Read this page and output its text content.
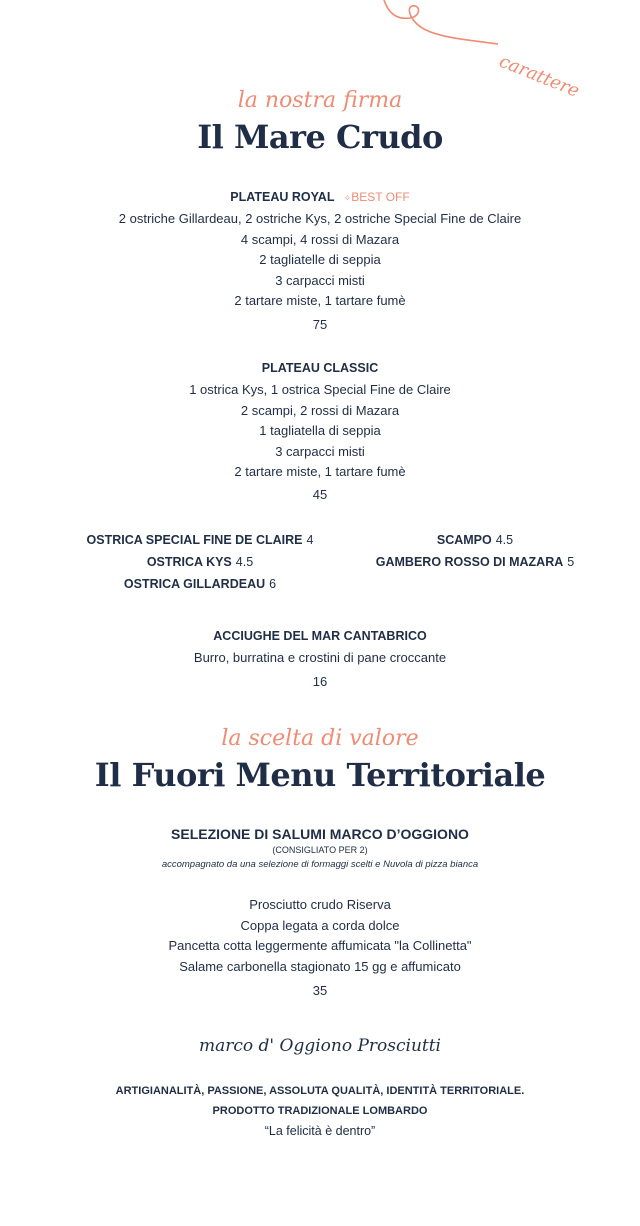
carattere
la nostra firma
Il Mare Crudo
PLATEAU ROYAL ✧BEST OFF
2 ostriche Gillardeau, 2 ostriche Kys, 2 ostriche Special Fine de Claire
4 scampi, 4 rossi di Mazara
2 tagliatelle di seppia
3 carpacci misti
2 tartare miste, 1 tartare fumè
75
PLATEAU CLASSIC
1 ostrica Kys, 1 ostrica Special Fine de Claire
2 scampi, 2 rossi di Mazara
1 tagliatella di seppia
3 carpacci misti
2 tartare miste, 1 tartare fumè
45
OSTRICA SPECIAL FINE DE CLAIRE 4
OSTRICA KYS 4.5
OSTRICA GILLARDEAU 6
SCAMPO 4.5
GAMBERO ROSSO DI MAZARA 5
ACCIUGHE DEL MAR CANTABRICO
Burro, burratina e crostini di pane croccante
16
la scelta di valore
Il Fuori Menu Territoriale
SELEZIONE DI SALUMI MARCO D’OGGIONO
(CONSIGLIATO PER 2)
accompagnato da una selezione di formaggi scelti e Nuvola di pizza bianca
Prosciutto crudo Riserva
Coppa legata a corda dolce
Pancetta cotta leggermente affumicata "la Collinetta"
Salame carbonella stagionato 15 gg e affumicato
35
marco d' Oggiono Prosciutti
ARTIGIANALITÀ, PASSIONE, ASSOLUTA QUALITÀ, IDENTITÀ TERRITORIALE.
PRODOTTO TRADIZIONALE LOMBARDO
“La felicità è dentro”
